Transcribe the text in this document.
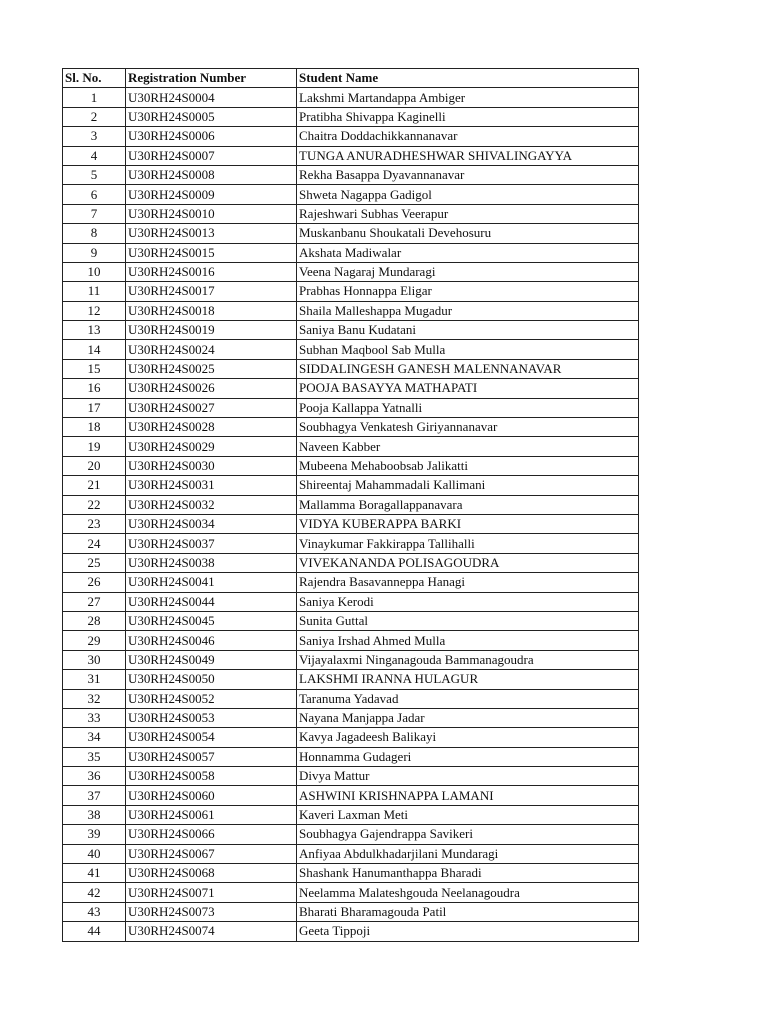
Sl. No.	Registration Number	Student Name
1	U30RH24S0004	Lakshmi Martandappa Ambiger
2	U30RH24S0005	Pratibha Shivappa Kaginelli
3	U30RH24S0006	Chaitra Doddachikkannanavar
4	U30RH24S0007	TUNGA ANURADHESHWAR SHIVALINGAYYA
5	U30RH24S0008	Rekha Basappa Dyavannanavar
6	U30RH24S0009	Shweta Nagappa Gadigol
7	U30RH24S0010	Rajeshwari Subhas Veerapur
8	U30RH24S0013	Muskanbanu Shoukatali Devehosuru
9	U30RH24S0015	Akshata Madiwalar
10	U30RH24S0016	Veena Nagaraj Mundaragi
11	U30RH24S0017	Prabhas Honnappa Eligar
12	U30RH24S0018	Shaila Malleshappa Mugadur
13	U30RH24S0019	Saniya Banu Kudatani
14	U30RH24S0024	Subhan Maqbool Sab Mulla
15	U30RH24S0025	SIDDALINGESH GANESH MALENNANAVAR
16	U30RH24S0026	POOJA BASAYYA MATHAPATI
17	U30RH24S0027	Pooja Kallappa Yatnalli
18	U30RH24S0028	Soubhagya Venkatesh Giriyannanavar
19	U30RH24S0029	Naveen Kabber
20	U30RH24S0030	Mubeena Mehaboobsab Jalikatti
21	U30RH24S0031	Shireentaj Mahammadali Kallimani
22	U30RH24S0032	Mallamma Boragallappanavara
23	U30RH24S0034	VIDYA KUBERAPPA BARKI
24	U30RH24S0037	Vinaykumar Fakkirappa Tallihalli
25	U30RH24S0038	VIVEKANANDA POLISAGOUDRA
26	U30RH24S0041	Rajendra Basavanneppa Hanagi
27	U30RH24S0044	Saniya Kerodi
28	U30RH24S0045	Sunita Guttal
29	U30RH24S0046	Saniya Irshad Ahmed Mulla
30	U30RH24S0049	Vijayalaxmi Ninganagouda Bammanagoudra
31	U30RH24S0050	LAKSHMI IRANNA HULAGUR
32	U30RH24S0052	Taranuma Yadavad
33	U30RH24S0053	Nayana Manjappa Jadar
34	U30RH24S0054	Kavya Jagadeesh Balikayi
35	U30RH24S0057	Honnamma Gudageri
36	U30RH24S0058	Divya Mattur
37	U30RH24S0060	ASHWINI KRISHNAPPA LAMANI
38	U30RH24S0061	Kaveri Laxman Meti
39	U30RH24S0066	Soubhagya Gajendrappa Savikeri
40	U30RH24S0067	Anfiyaa Abdulkhadarjilani Mundaragi
41	U30RH24S0068	Shashank Hanumanthappa Bharadi
42	U30RH24S0071	Neelamma Malateshgouda Neelanagoudra
43	U30RH24S0073	Bharati Bharamagouda Patil
44	U30RH24S0074	Geeta Tippoji
